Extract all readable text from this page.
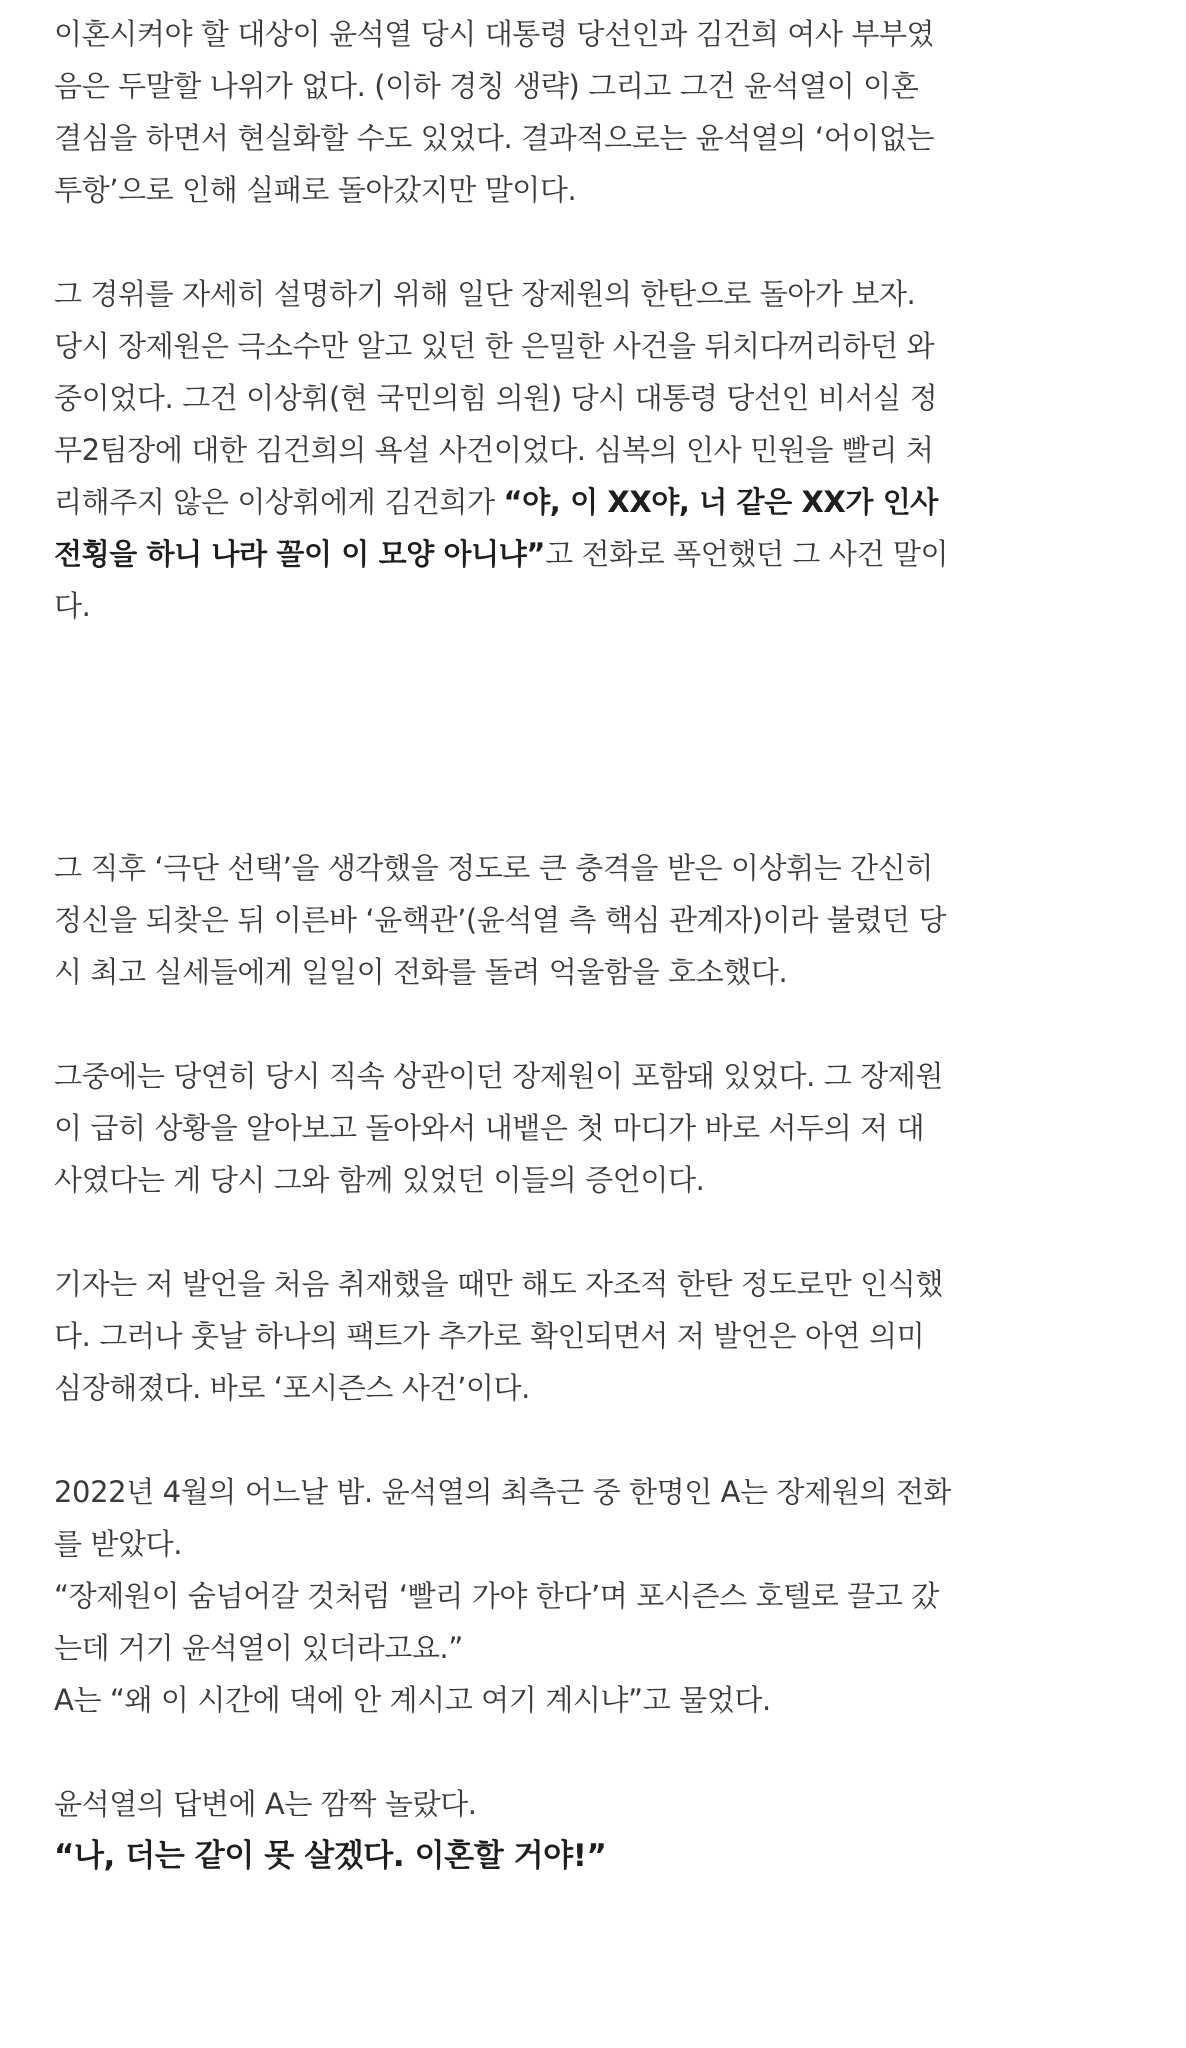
이혼시켜야 할 대상이 윤석열 당시 대통령 당선인과 김건희 여사 부부였
음은 두말할 나위가 없다. (이하 경칭 생략) 그리고 그건 윤석열이 이혼
결심을 하면서 현실화할 수도 있었다. 결과적으로는 윤석열의 ‘어이없는
투항’으로 인해 실패로 돌아갔지만 말이다.

그 경위를 자세히 설명하기 위해 일단 장제원의 한탄으로 돌아가 보자.
당시 장제원은 극소수만 알고 있던 한 은밀한 사건을 뒤치다꺼리하던 와
중이었다. 그건 이상휘(현 국민의힘 의원) 당시 대통령 당선인 비서실 정
무2팀장에 대한 김건희의 욕설 사건이었다. 심복의 인사 민원을 빨리 처
리해주지 않은 이상휘에게 김건희가 “야, 이 XX야, 너 같은 XX가 인사
전횡을 하니 나라 꼴이 이 모양 아니냐”고 전화로 폭언했던 그 사건 말이
다.

그 직후 ‘극단 선택’을 생각했을 정도로 큰 충격을 받은 이상휘는 간신히
정신을 되찾은 뒤 이른바 ‘윤핵관’(윤석열 측 핵심 관계자)이라 불렸던 당
시 최고 실세들에게 일일이 전화를 돌려 억울함을 호소했다.

그중에는 당연히 당시 직속 상관이던 장제원이 포함돼 있었다. 그 장제원
이 급히 상황을 알아보고 돌아와서 내뱉은 첫 마디가 바로 서두의 저 대
사였다는 게 당시 그와 함께 있었던 이들의 증언이다.

기자는 저 발언을 처음 취재했을 때만 해도 자조적 한탄 정도로만 인식했
다. 그러나 훗날 하나의 팩트가 추가로 확인되면서 저 발언은 아연 의미
심장해졌다. 바로 ‘포시즌스 사건’이다.

2022년 4월의 어느날 밤. 윤석열의 최측근 중 한명인 A는 장제원의 전화
를 받았다.
“장제원이 숨넘어갈 것처럼 ‘빨리 가야 한다’며 포시즌스 호텔로 끌고 갔
는데 거기 윤석열이 있더라고요.”
A는 “왜 이 시간에 댁에 안 계시고 여기 계시냐”고 물었다.

윤석열의 답변에 A는 깜짝 놀랐다.
“나, 더는 같이 못 살겠다. 이혼할 거야!”
